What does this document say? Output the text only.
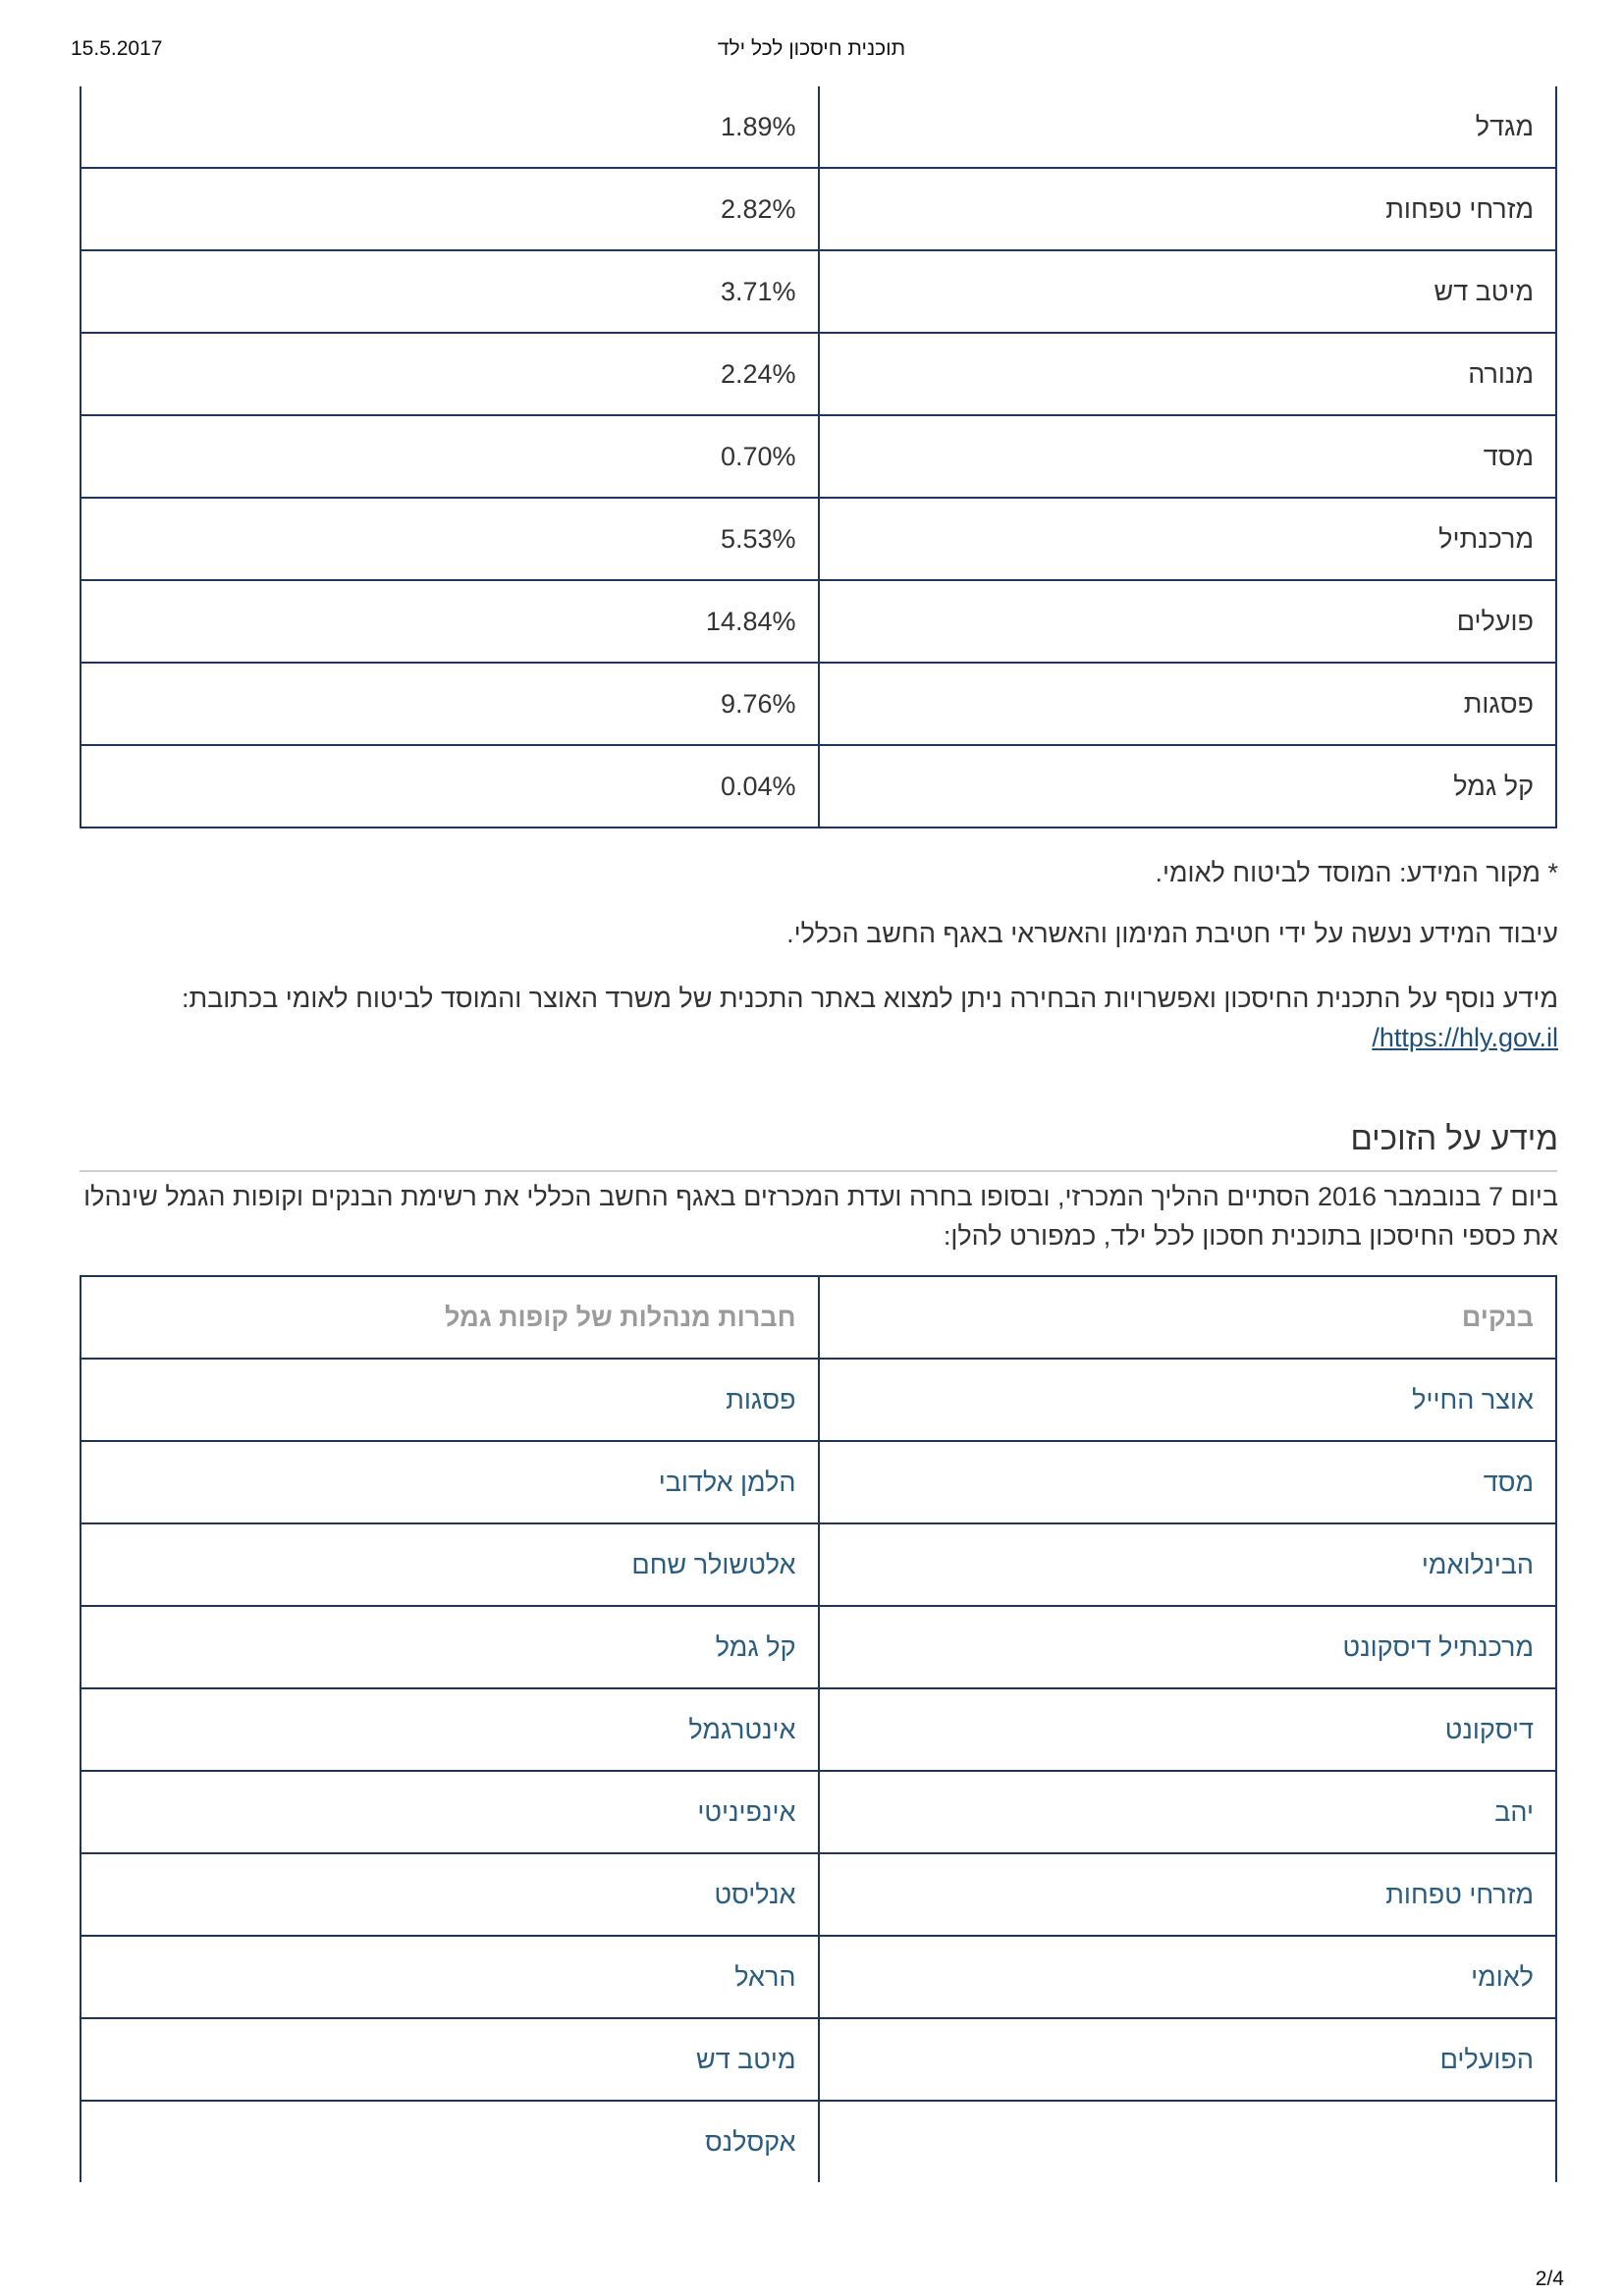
15.5.2017	תוכנית חיסכון לכל ילד
מגדל	1.89%
מזרחי טפחות	2.82%
מיטב דש	3.71%
מנורה	2.24%
מסד	0.70%
מרכנתיל	5.53%
פועלים	14.84%
פסגות	9.76%
קל גמל	0.04%
* מקור המידע: המוסד לביטוח לאומי.
עיבוד המידע נעשה על ידי חטיבת המימון והאשראי באגף החשב הכללי.
מידע נוסף על התכנית החיסכון ואפשרויות הבחירה ניתן למצוא באתר התכנית של משרד האוצר והמוסד לביטוח לאומי בכתובת:
https://hly.gov.il/
מידע על הזוכים
ביום 7 בנובמבר 2016 הסתיים ההליך המכרזי, ובסופו בחרה ועדת המכרזים באגף החשב הכללי את רשימת הבנקים וקופות הגמל שינהלו את כספי החיסכון בתוכנית חסכון לכל ילד, כמפורט להלן:
בנקים	חברות מנהלות של קופות גמל
אוצר החייל	פסגות
מסד	הלמן אלדובי
הבינלואמי	אלטשולר שחם
מרכנתיל דיסקונט	קל גמל
דיסקונט	אינטרגמל
יהב	אינפיניטי
מזרחי טפחות	אנליסט
לאומי	הראל
הפועלים	מיטב דש
	אקסלנס
2/4
